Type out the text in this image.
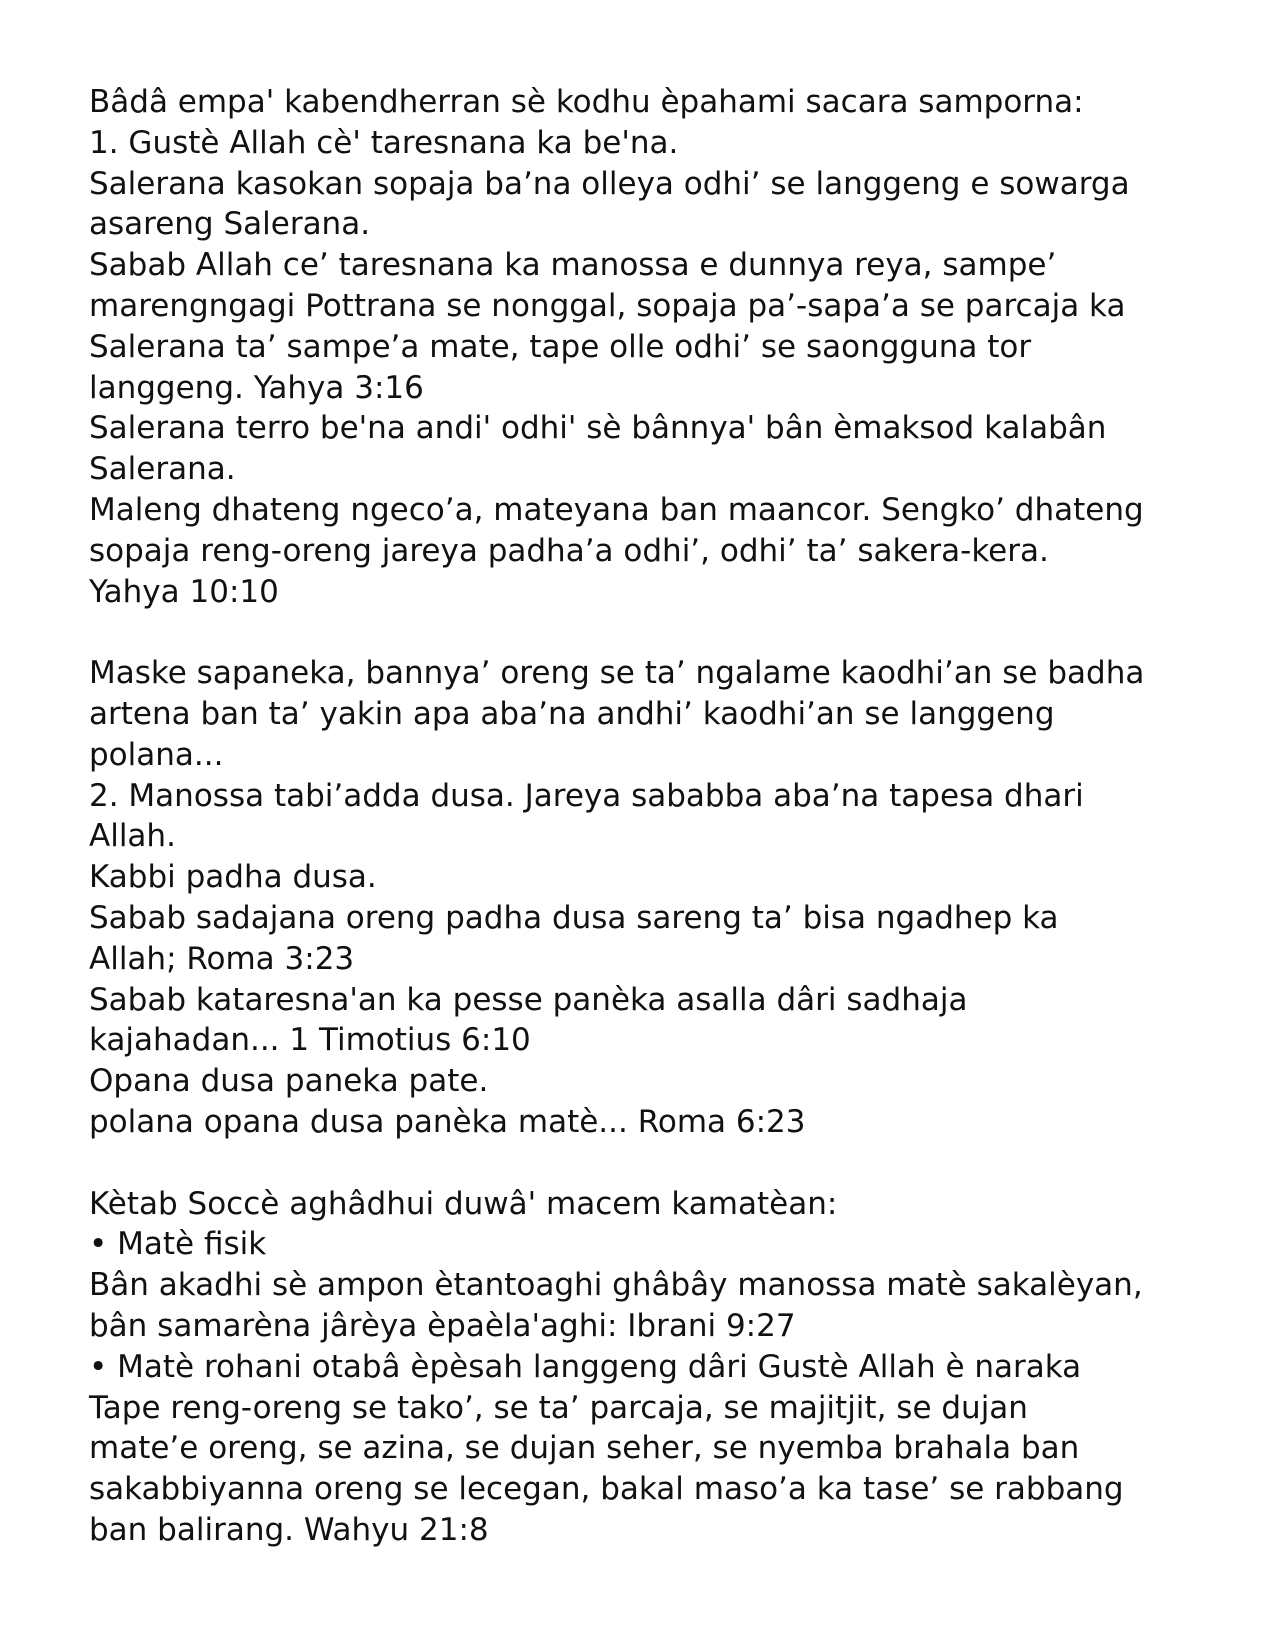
Bâdâ empa' kabendherran sè kodhu èpahami sacara samporna:
1. Gustè Allah cè' taresnana ka be'na.
Salerana kasokan sopaja ba’na olleya odhi’ se langgeng e sowarga
asareng Salerana.
Sabab Allah ce’ taresnana ka manossa e dunnya reya, sampe’
marengngagi Pottrana se nonggal, sopaja pa’-sapa’a se parcaja ka
Salerana ta’ sampe’a mate, tape olle odhi’ se saongguna tor
langgeng. Yahya 3:16
Salerana terro be'na andi' odhi' sè bânnya' bân èmaksod kalabân
Salerana.
Maleng dhateng ngeco’a, mateyana ban maancor. Sengko’ dhateng
sopaja reng-oreng jareya padha’a odhi’, odhi’ ta’ sakera-kera.
Yahya 10:10
Maske sapaneka, bannya’ oreng se ta’ ngalame kaodhi’an se badha
artena ban ta’ yakin apa aba’na andhi’ kaodhi’an se langgeng
polana...
2. Manossa tabi’adda dusa. Jareya sababba aba’na tapesa dhari
Allah.
Kabbi padha dusa.
Sabab sadajana oreng padha dusa sareng ta’ bisa ngadhep ka
Allah; Roma 3:23
Sabab kataresna'an ka pesse panèka asalla dâri sadhaja
kajahadan... 1 Timotius 6:10
Opana dusa paneka pate.
polana opana dusa panèka matè... Roma 6:23
Kètab Soccè aghâdhui duwâ' macem kamatèan:
• Matè fisik
Bân akadhi sè ampon ètantoaghi ghâbây manossa matè sakalèyan,
bân samarèna jârèya èpaèla'aghi: Ibrani 9:27
• Matè rohani otabâ èpèsah langgeng dâri Gustè Allah è naraka
Tape reng-oreng se tako’, se ta’ parcaja, se majitjit, se dujan
mate’e oreng, se azina, se dujan seher, se nyemba brahala ban
sakabbiyanna oreng se lecegan, bakal maso’a ka tase’ se rabbang
ban balirang. Wahyu 21:8
